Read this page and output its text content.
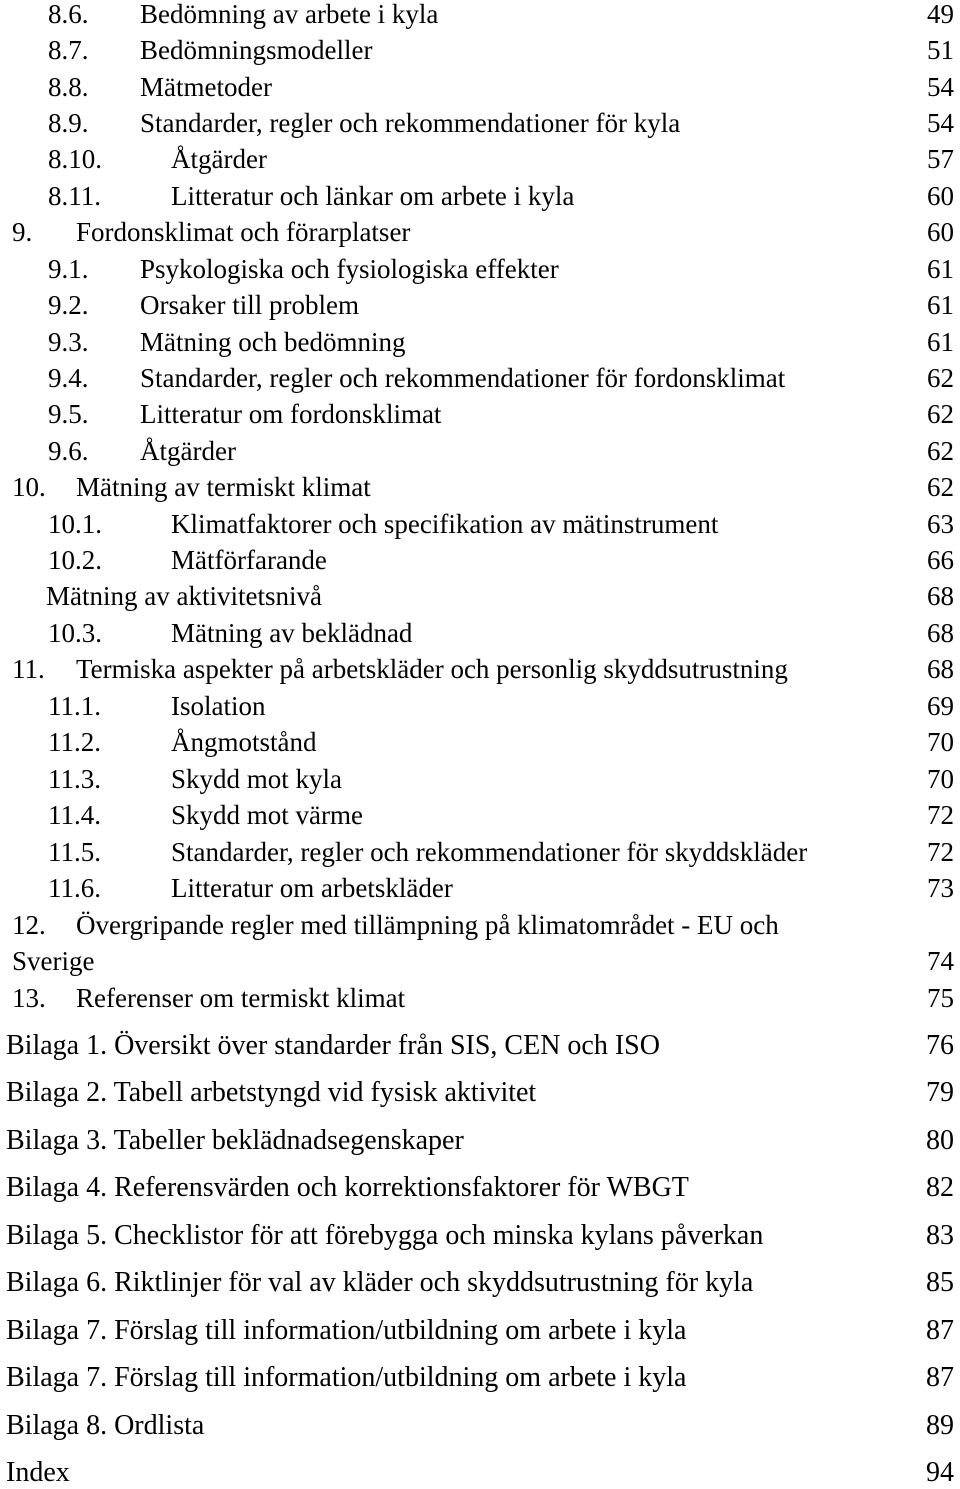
8.6. Bedömning av arbete i kyla	49
8.7. Bedömningsmodeller	51
8.8. Mätmetoder	54
8.9. Standarder, regler och rekommendationer för kyla	54
8.10.	Åtgärder	57
8.11.	Litteratur och länkar om arbete i kyla	60
9. Fordonsklimat och förarplatser	60
9.1. Psykologiska och fysiologiska effekter	61
9.2. Orsaker till problem	61
9.3. Mätning och bedömning	61
9.4. Standarder, regler och rekommendationer för fordonsklimat	62
9.5. Litteratur om fordonsklimat	62
9.6. Åtgärder	62
10. Mätning av termiskt klimat	62
10.1.	Klimatfaktorer och specifikation av mätinstrument	63
10.2.	Mätförfarande	66
Mätning av aktivitetsnivå	68
10.3.	Mätning av beklädnad	68
11. Termiska aspekter på arbetskläder och personlig skyddsutrustning	68
11.1.	Isolation	69
11.2.	Ångmotstånd	70
11.3.	Skydd mot kyla	70
11.4.	Skydd mot värme	72
11.5.	Standarder, regler och rekommendationer för skyddskläder	72
11.6.	Litteratur om arbetskläder	73
12. Övergripande regler med tillämpning på klimatområdet - EU och
Sverige	74
13. Referenser om termiskt klimat	75
Bilaga 1. Översikt över standarder från SIS, CEN och ISO	76
Bilaga 2. Tabell arbetstyngd vid fysisk aktivitet	79
Bilaga 3. Tabeller beklädnadsegenskaper	80
Bilaga 4. Referensvärden och korrektionsfaktorer för WBGT	82
Bilaga 5. Checklistor för att förebygga och minska kylans påverkan	83
Bilaga 6. Riktlinjer för val av kläder och skyddsutrustning för kyla	85
Bilaga 7. Förslag till information/utbildning om arbete i kyla	87
Bilaga 7. Förslag till information/utbildning om arbete i kyla	87
Bilaga 8. Ordlista	89
Index	94
